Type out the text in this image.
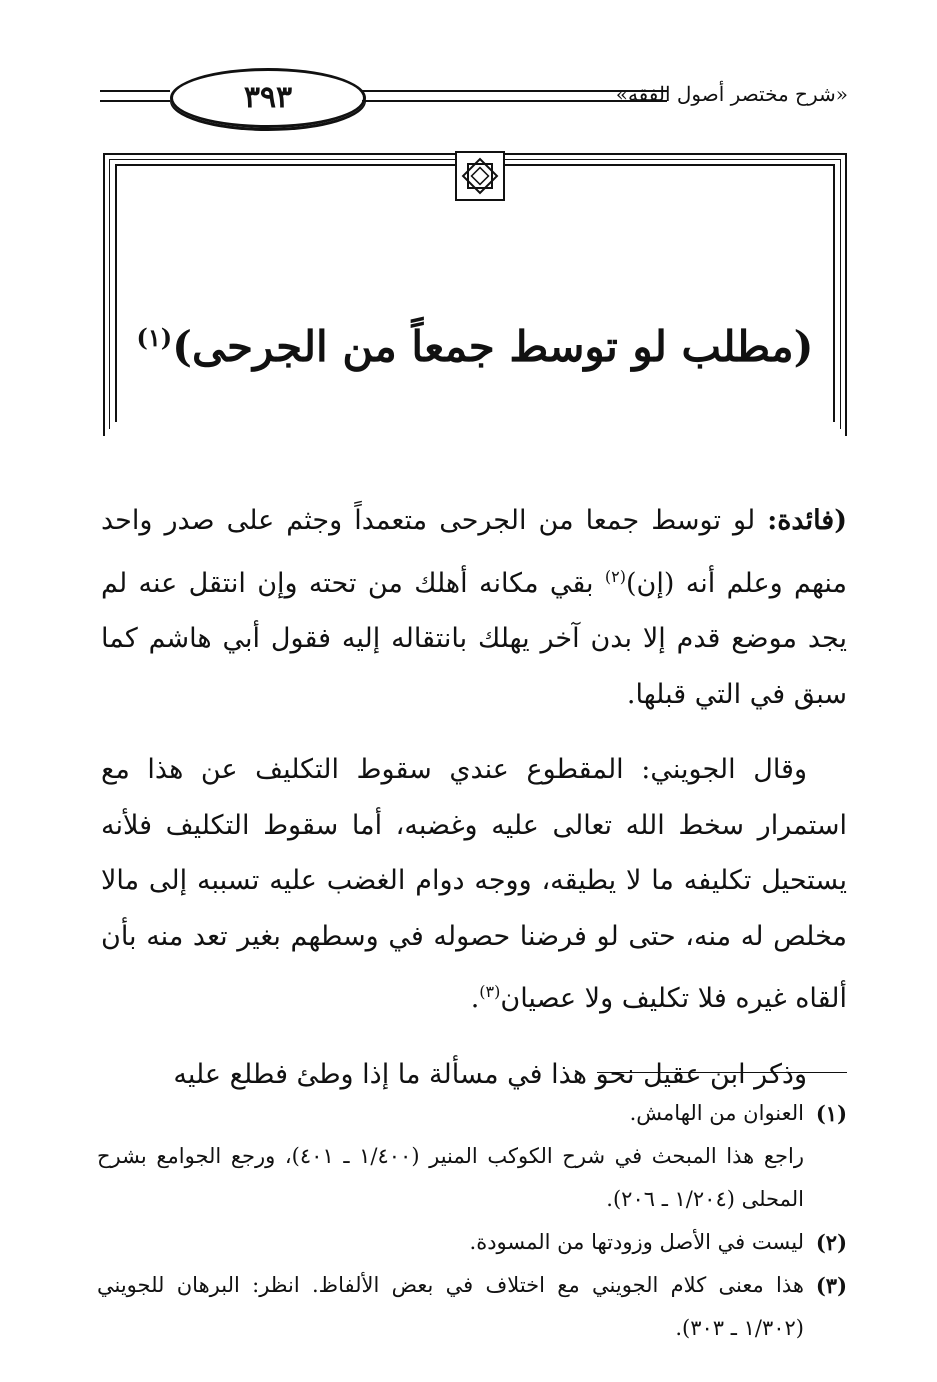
٣٩٣	«شرح مختصر أصول الفقه»
(مطلب لو توسط جمعاً من الجرحى)$^{(١)}$

(فائدة: لو توسط جمعا من الجرحى متعمداً وجثم على صدر واحد منهم وعلم أنه (إن)$^{(٢)}$ بقي مكانه أهلك من تحته وإن انتقل عنه لم يجد موضع قدم إلا بدن آخر يهلك بانتقاله إليه فقول أبي هاشم كما سبق في التي قبلها.

وقال الجويني: المقطوع عندي سقوط التكليف عن هذا مع استمرار سخط الله تعالى عليه وغضبه، أما سقوط التكليف فلأنه يستحيل تكليفه ما لا يطيقه، ووجه دوام الغضب عليه تسببه إلى مالا مخلص له منه، حتى لو فرضنا حصوله في وسطهم بغير تعد منه بأن ألقاه غيره فلا تكليف ولا عصيان$^{(٣)}$.

وذكر ابن عقيل نحو هذا في مسألة ما إذا وطئ فطلع عليه

(١)
العنوان من الهامش.
راجع هذا المبحث في شرح الكوكب المنير (١/٤٠٠ ـ ٤٠١)، ورجع الجوامع بشرح المحلى (١/٢٠٤ ـ ٢٠٦).
(٢)
ليست في الأصل وزودتها من المسودة.
(٣)
هذا معنى كلام الجويني مع اختلاف في بعض الألفاظ. انظر: البرهان للجويني (١/٣٠٢ ـ ٣٠٣).
